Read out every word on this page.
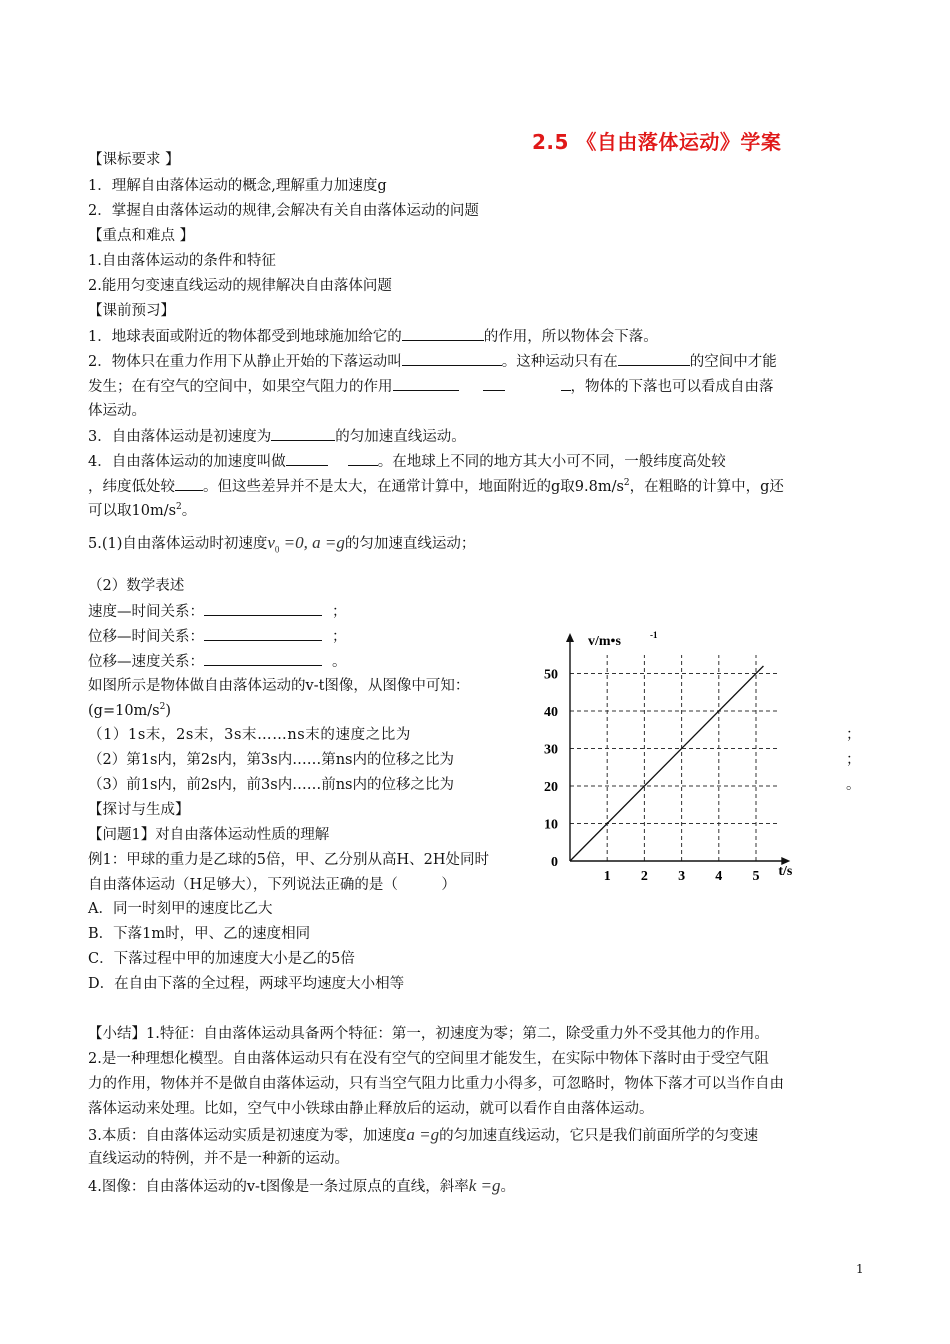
2.5 《自由落体运动》学案
【课标要求 】
1．理解自由落体运动的概念,理解重力加速度g
2．掌握自由落体运动的规律,会解决有关自由落体运动的问题
【重点和难点 】
1.自由落体运动的条件和特征
2.能用匀变速直线运动的规律解决自由落体问题
【课前预习】
1．地球表面或附近的物体都受到地球施加给它的	的作用，所以物体会下落。
2．物体只在重力作用下从静止开始的下落运动叫	。这种运动只有在	的空间中才能
发生；在有空气的空间中，如果空气阻力的作用	，物体的下落也可以看成自由落
体运动。
3．自由落体运动是初速度为	的匀加速直线运动。
4．自由落体运动的加速度叫做	。在地球上不同的地方其大小可不同，一般纬度高处较
，纬度低处较 。但这些差异并不是太大，在通常计算中，地面附近的g取$9.8m/s^2$，在粗略的计算中，g还
可以取$10m/s^2$。
5.(1)自由落体运动时初速度$v_0 =0$, a =g的匀加速直线运动；
（2）数学表述
速度—时间关系：	；
位移—时间关系：	；
位移—速度关系：	。
如图所示是物体做自由落体运动的v-t图像，从图像中可知：
$(g=10m/s^2)$
（1）1s末，2s末，3s末……ns末的速度之比为
（2）第1s内，第2s内，第3s内……第ns内的位移之比为
（3）前1s内，前2s内，前3s内……前ns内的位移之比为
；
；
。
【探讨与生成】
【问题1】对自由落体运动性质的理解
例1：甲球的重力是乙球的5倍，甲、乙分别从高H、2H处同时
自由落体运动（H足够大），下列说法正确的是（　　　）
A．同一时刻甲的速度比乙大
B．下落1m时，甲、乙的速度相同
C．下落过程中甲的加速度大小是乙的5倍
D．在自由下落的全过程，两球平均速度大小相等
【小结】1.特征：自由落体运动具备两个特征：第一，初速度为零；第二，除受重力外不受其他力的作用。
2.是一种理想化模型。自由落体运动只有在没有空气的空间里才能发生，在实际中物体下落时由于受空气阻
力的作用，物体并不是做自由落体运动，只有当空气阻力比重力小得多，可忽略时，物体下落才可以当作自由
落体运动来处理。比如，空气中小铁球由静止释放后的运动，就可以看作自由落体运动。
3.本质：自由落体运动实质是初速度为零，加速度a =g的匀加速直线运动，它只是我们前面所学的匀变速
直线运动的特例，并不是一种新的运动。
4.图像：自由落体运动的v-t图像是一条过原点的直线，斜率k =g。
1
1 2 3 4 5
10
20
30
40
50
0
t/s
v/m•s	-1
